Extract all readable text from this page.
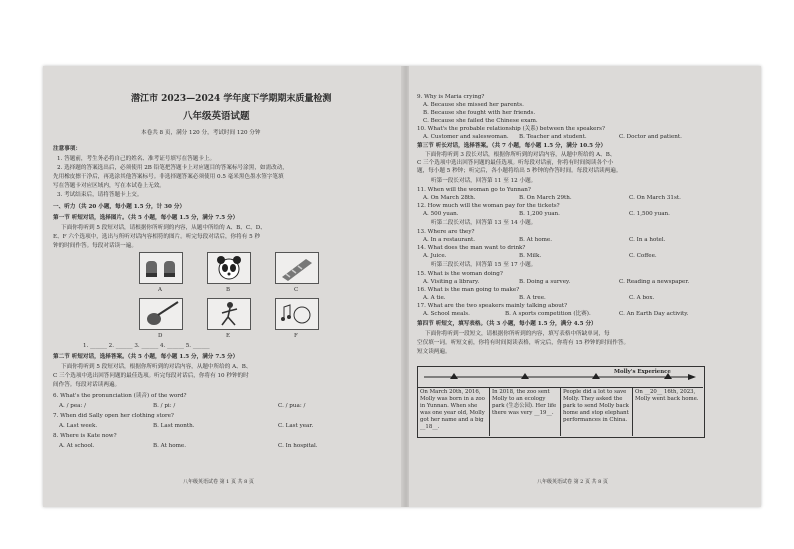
潜江市 2023—2024 学年度下学期期末质量检测
八年级英语试题
本卷共 8 页，满分 120 分，考试时间 120 分钟
注意事项：
1. 答题前，考生务必将自己的姓名、准考证号填写在答题卡上。
2. 选择题的答案选出后，必须使用 2B 铅笔把答题卡上对应题目的答案标号涂黑，如需改动，
先用橡皮擦干净后，再选涂其他答案标号。非选择题答案必须使用 0.5 毫米黑色墨水签字笔填
写在答题卡对应区域内，写在本试卷上无效。
3. 考试结束后，请将答题卡上交。
一、听力（共 20 小题，每小题 1.5 分，计 30 分）
第一节 听短对话，选择图片。（共 5 小题，每小题 1.5 分，满分 7.5 分）
下面你将听到 5 段短对话，请根据你所听到的内容，从题中所给的 A、B、C、D、
E、F 六个选项中，选出与所听对话内容相符的图片。听完每段对话后，你将有 5 秒
钟的时间作答。每段对话读一遍。
A	B	C
D	E	F
1. ______ 2. ______ 3. ______ 4. ______ 5. ______
第二节 听短对话，选择答案。（共 5 小题，每小题 1.5 分，满分 7.5 分）
下面你将听到 5 段短对话，根据你所听到的对话内容，从题中所给的 A、B、
C 三个选项中选出回答问题的最佳选项。听完每段对话后，你将有 10 秒钟的时
间作答。每段对话读两遍。
6. What's the pronunciation (读音) of the word?
A. / pea: /	B. / pi: /	C. / pua: /
7. When did Sally open her clothing store?
A. Last week.	B. Last month.	C. Last year.
8. Where is Kate now?
A. At school.	B. At home.	C. In hospital.
八年级英语试卷 第 1 页 共 8 页
9. Why is Maria crying?
A. Because she missed her parents.
B. Because she fought with her friends.
C. Because she failed the Chinese exam.
10. What's the probable relationship (关系) between the speakers?
A. Customer and saleswoman. B. Teacher and student.	C. Doctor and patient.
第三节 听长对话，选择答案。（共 7 小题，每小题 1.5 分，满分 10.5 分）
下面你将听到 3 段长对话，根据你所听到的对话内容，从题中所给的 A、B、
C 三个选项中选出回答问题的最佳选项。听每段对话前，你将有时间阅读各个小
题，每小题 5 秒钟；听完后，各小题将给出 5 秒钟的作答时间。每段对话读两遍。
听第一段长对话，回答第 11 至 12 小题。
11. When will the woman go to Yunnan?
A. On March 28th.	B. On March 29th.	C. On March 31st.
12. How much will the woman pay for the tickets?
A. 500 yuan.	B. 1,200 yuan.	C. 1,500 yuan.
听第二段长对话，回答第 13 至 14 小题。
13. Where are they?
A. In a restaurant.	B. At home.	C. In a hotel.
14. What does the man want to drink?
A. Juice.	B. Milk.	C. Coffee.
听第三段长对话，回答第 15 至 17 小题。
15. What is the woman doing?
A. Visiting a library.	B. Doing a survey.	C. Reading a newspaper.
16. What is the man going to make?
A. A tie.	B. A tree.	C. A box.
17. What are the two speakers mainly talking about?
A. School meals.	B. A sports competition (比赛).	C. An Earth Day activity.
第四节 听短文，填写表格。（共 3 小题，每小题 1.5 分，满分 4.5 分）
下面你将听到一段短文，请根据你所听到的内容，填写表格中所缺单词，每
空仅填一词。听短文前，你将有时间阅读表格，听完后，你将有 15 秒钟的时间作答。
短文读两遍。
Molly's Experience
On March 20th, 2016, Molly was born in a zoo in Yunnan. When she was one year old, Molly got her name and a big __18__.
In 2018, the zoo sent Molly to an ecology park (生态公园). Her life there was very __19__.
People did a lot to save Molly. They asked the park to send Molly back home and stop elephant performances in China.
On __20__ 16th, 2023, Molly went back home.
八年级英语试卷 第 2 页 共 8 页
